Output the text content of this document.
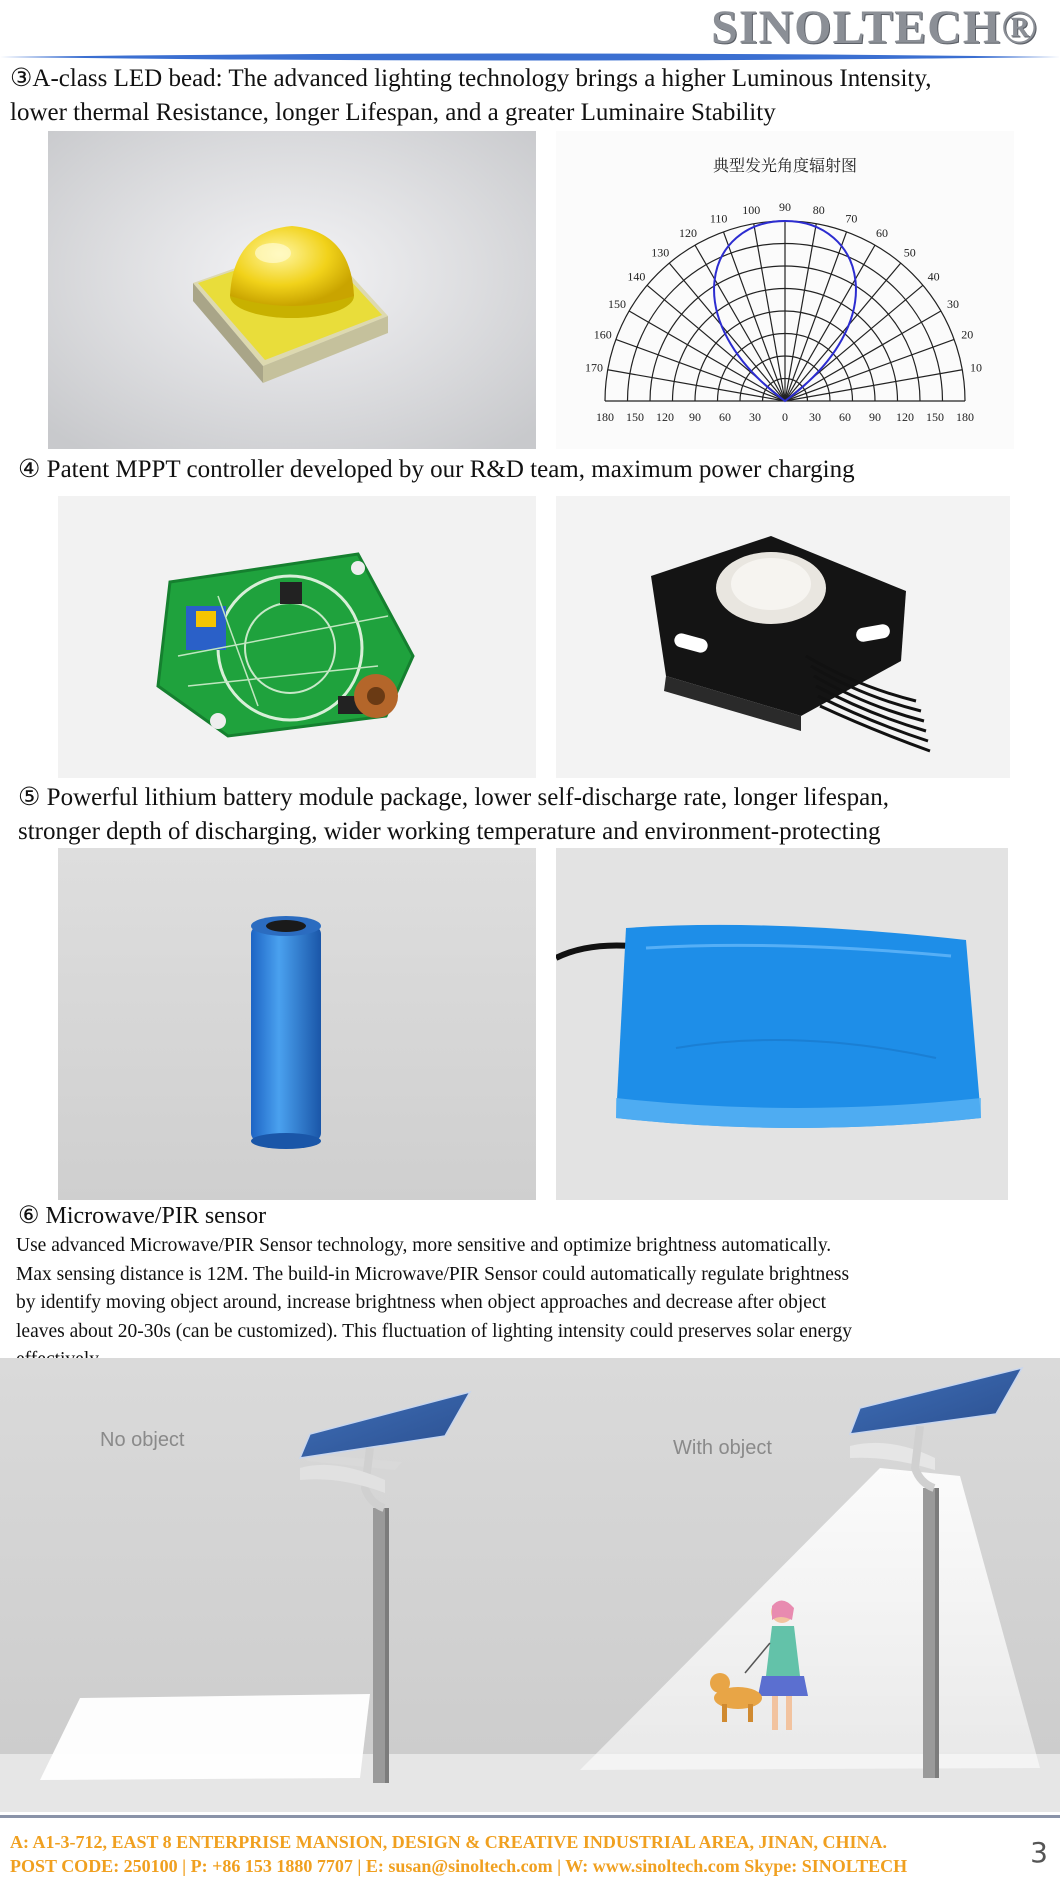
SINOLTECH®
③A-class LED bead: The advanced lighting technology brings a higher Luminous Intensity,
lower thermal Resistance, longer Lifespan, and a greater Luminaire Stability
典型发光角度辐射图
10
20
30
40
50
60
70
80
90
100
110
120
130
140
150
160
170
180 150 120 90 60 30 0 30 60 90 120 150 180
④ Patent MPPT controller developed by our R&D team, maximum power charging
⑤ Powerful lithium battery module package, lower self-discharge rate, longer lifespan,
stronger depth of discharging, wider working temperature and environment-protecting
⑥ Microwave/PIR sensor
Use advanced Microwave/PIR Sensor technology, more sensitive and optimize brightness automatically.
Max sensing distance is 12M. The build-in Microwave/PIR Sensor could automatically regulate brightness
by identify moving object around, increase brightness when object approaches and decrease after object
leaves about 20-30s (can be customized). This fluctuation of lighting intensity could preserves solar energy
No object	With object
A: A1-3-712, EAST 8 ENTERPRISE MANSION, DESIGN & CREATIVE INDUSTRIAL AREA, JINAN, CHINA.
POST CODE: 250100 | P: +86 153 1880 7707 | E: susan@sinoltech.com | W: www.sinoltech.com Skype: SINOLTECH	3
